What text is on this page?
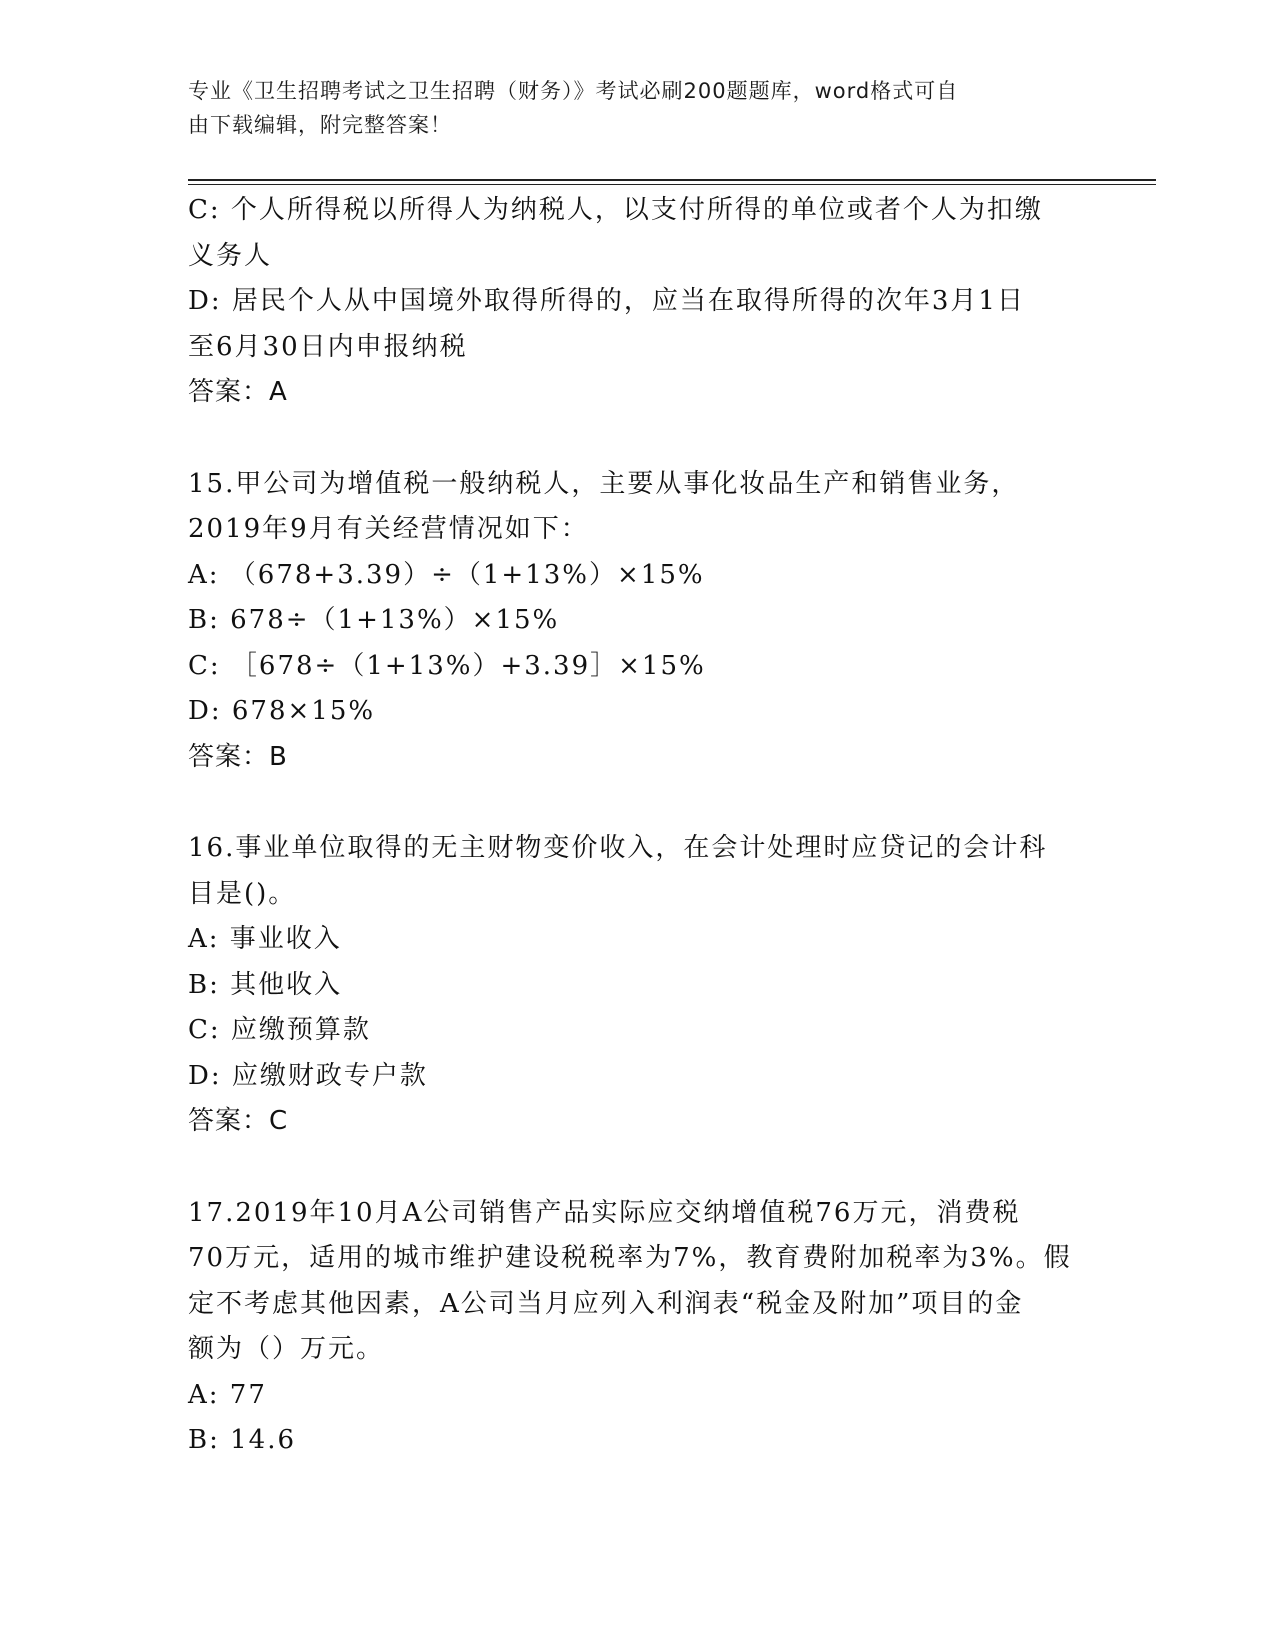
专业《卫生招聘考试之卫生招聘（财务）》考试必刷200题题库，word格式可自
由下载编辑，附完整答案！
C: 个人所得税以所得人为纳税人，以支付所得的单位或者个人为扣缴
义务人
D: 居民个人从中国境外取得所得的，应当在取得所得的次年3月1日
至6月30日内申报纳税
答案：A
15.甲公司为增值税一般纳税人，主要从事化妆品生产和销售业务，
2019年9月有关经营情况如下：
A: （678+3.39）÷（1+13%）×15%
B: 678÷（1+13%）×15%
C: ［678÷（1+13%）+3.39］×15%
D: 678×15%
答案：B
16.事业单位取得的无主财物变价收入，在会计处理时应贷记的会计科
目是()。
A: 事业收入
B: 其他收入
C: 应缴预算款
D: 应缴财政专户款
答案：C
17.2019年10月A公司销售产品实际应交纳增值税76万元，消费税
70万元，适用的城市维护建设税税率为7%，教育费附加税率为3%。假
定不考虑其他因素，A公司当月应列入利润表“税金及附加”项目的金
额为（）万元。
A: 77
B: 14.6
